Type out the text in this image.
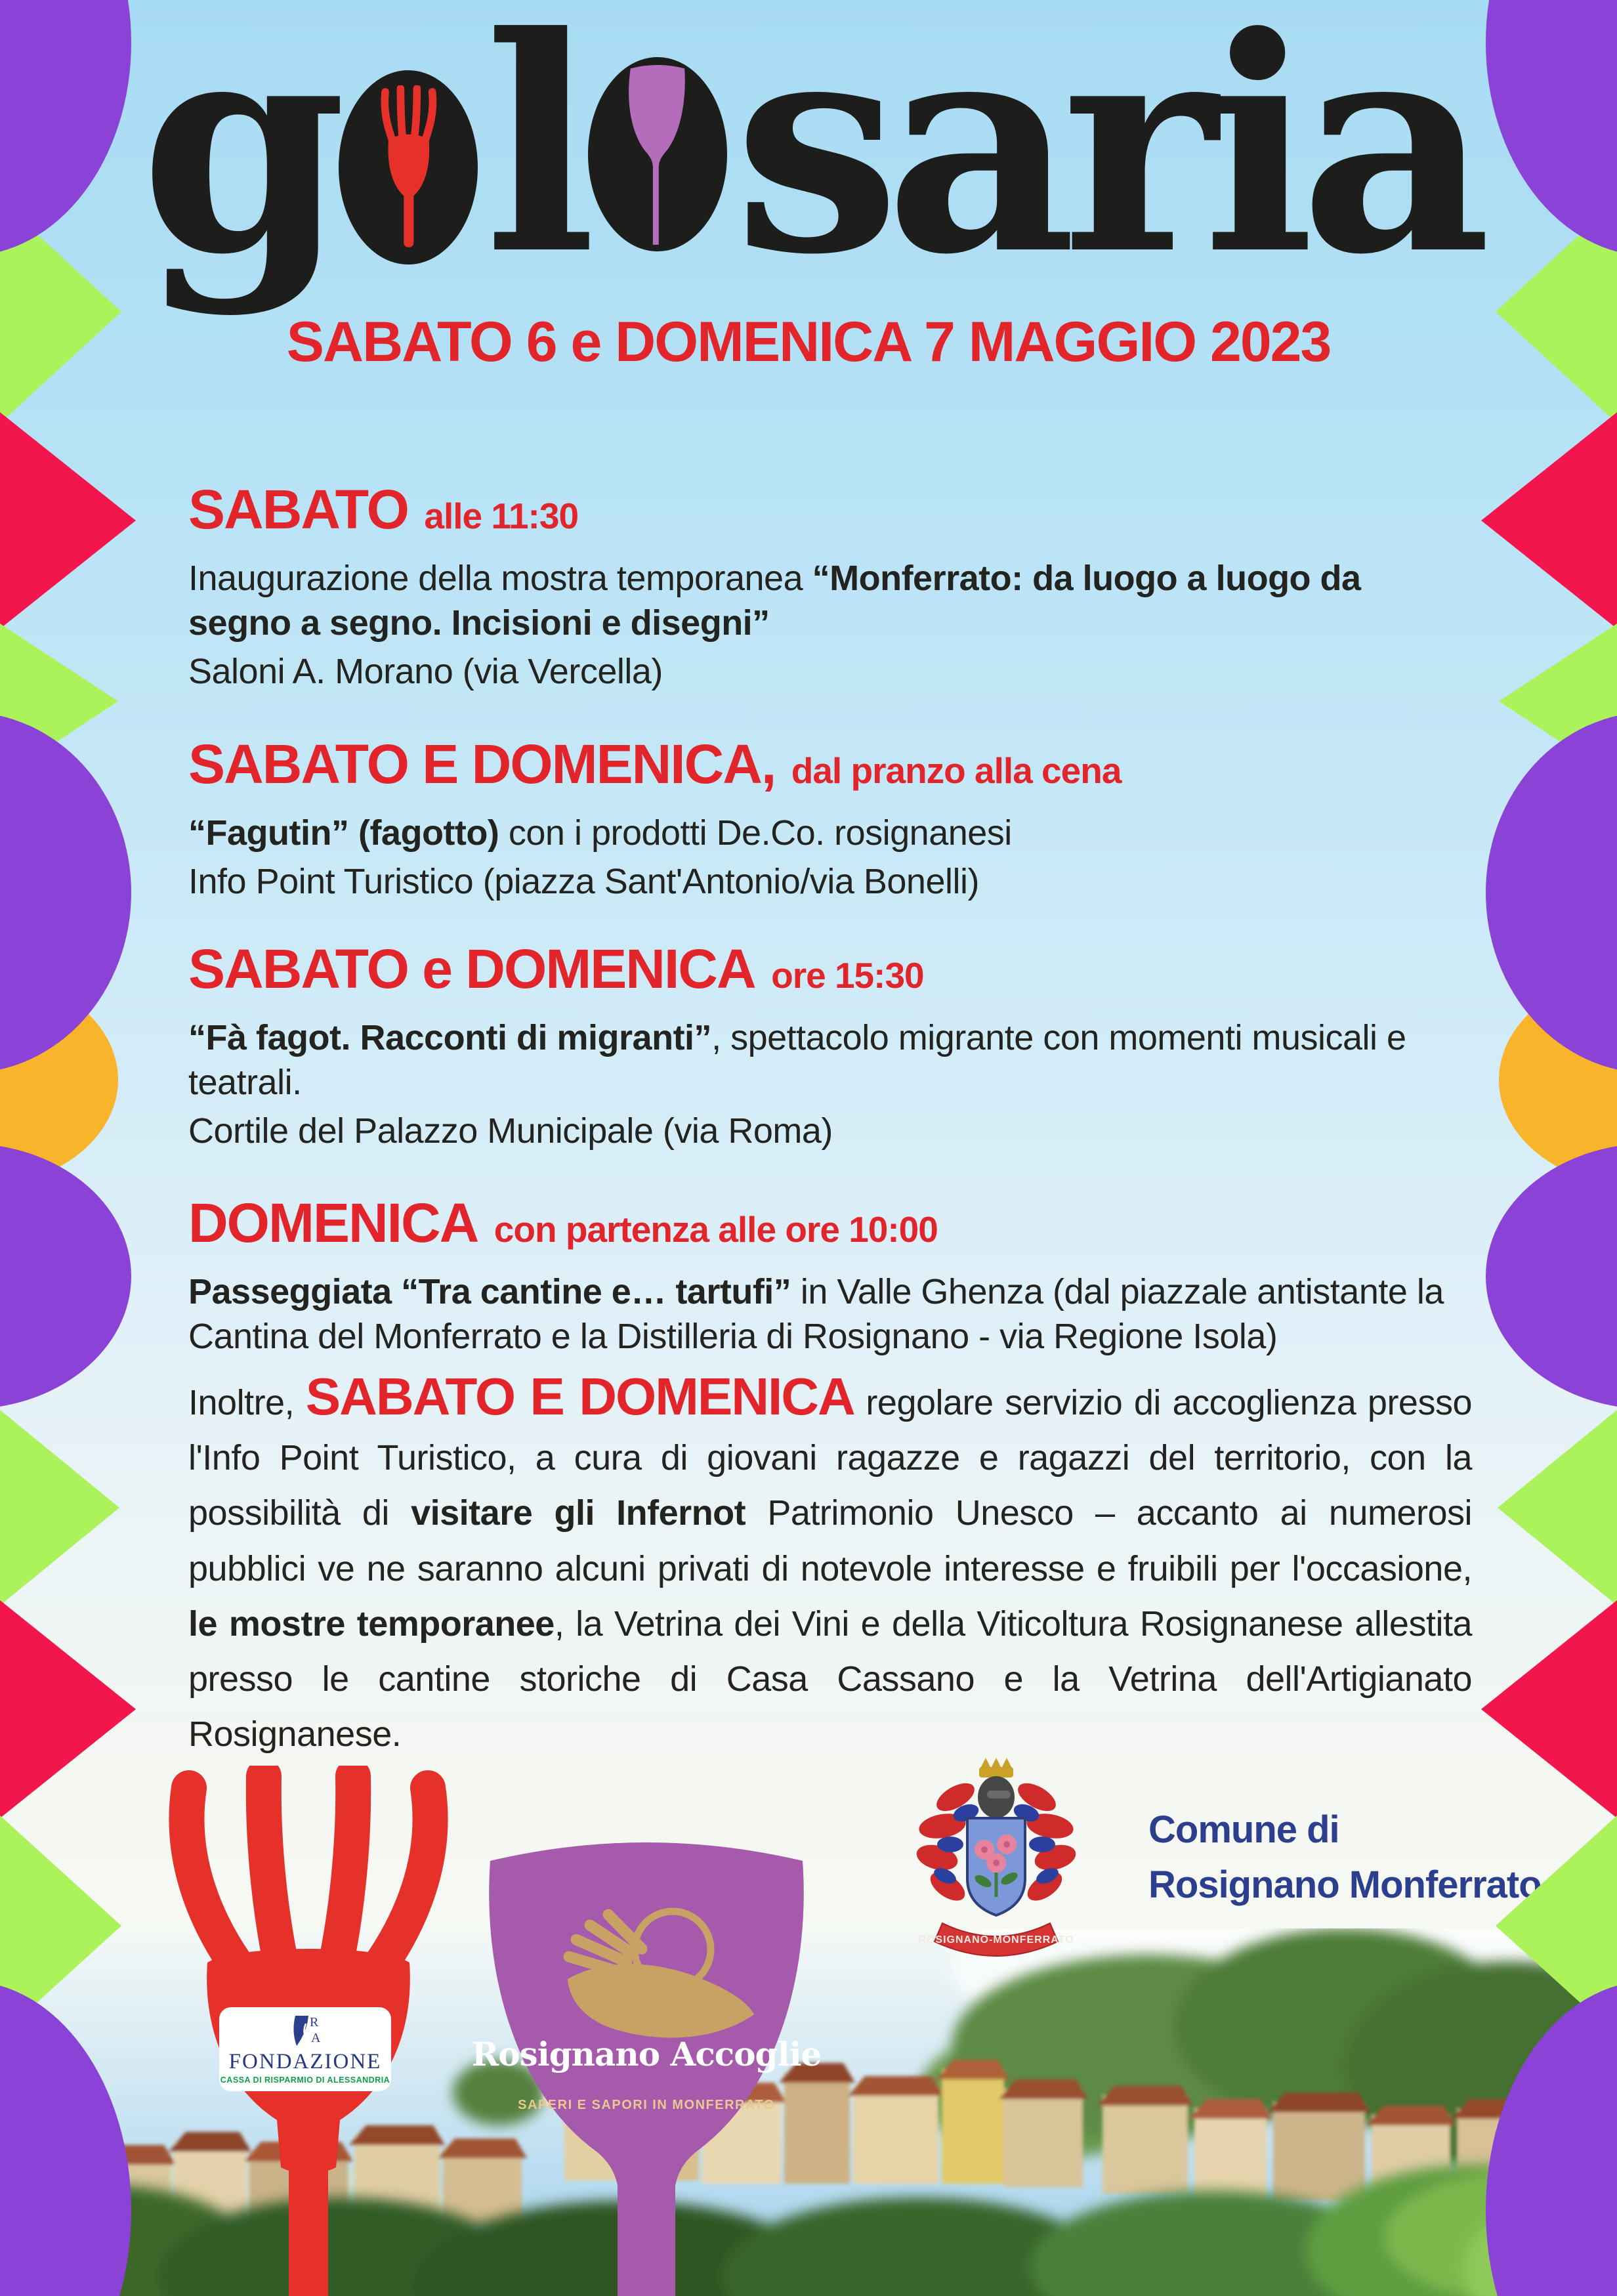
g l saria
SABATO 6 e DOMENICA 7 MAGGIO 2023
SABATO alle 11:30

Inaugurazione della mostra temporanea “Monferrato: da luogo a luogo da segno a segno. Incisioni e disegni”

Saloni A. Morano (via Vercella)

SABATO E DOMENICA, dal pranzo alla cena

“Fagutin” (fagotto) con i prodotti De.Co. rosignanesi

Info Point Turistico (piazza Sant'Antonio/via Bonelli)

SABATO e DOMENICA ore 15:30

“Fà fagot. Racconti di migranti”, spettacolo migrante con momenti musicali e teatrali.

Cortile del Palazzo Municipale (via Roma)

DOMENICA con partenza alle ore 10:00

Passeggiata “Tra cantine e… tartufi” in Valle Ghenza (dal piazzale antistante la Cantina del Monferrato e la Distilleria di Rosignano - via Regione Isola)

Inoltre, SABATO E DOMENICA regolare servizio di accoglienza presso l'Info Point Turistico, a cura di giovani ragazze e ragazzi del territorio, con la possibilità di visitare gli Infernot Patrimonio Unesco – accanto ai numerosi pubblici ve ne saranno alcuni privati di notevole interesse e fruibili per l'occasione, le mostre temporanee, la Vetrina dei Vini e della Viticoltura Rosignanese allestita presso le cantine storiche di Casa Cassano e la Vetrina dell'Artigianato Rosignanese.

ROSIGNANO-MONFERRATO
Comune di
Rosignano Monferrato
R
A
FONDAZIONE
CASSA DI RISPARMIO DI ALESSANDRIA
Rosignano Accoglie
SAPERI E SAPORI IN MONFERRATO
